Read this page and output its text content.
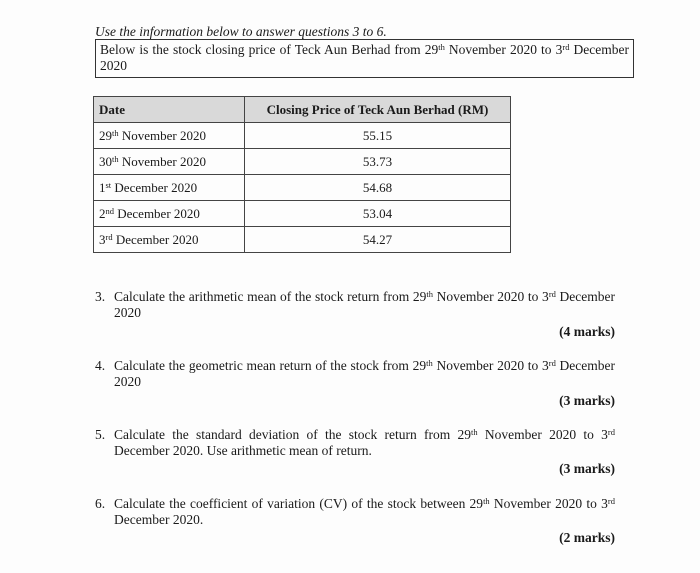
Use the information below to answer questions 3 to 6.
Below is the stock closing price of Teck Aun Berhad from 29th November 2020 to 3rd December 2020
Date	Closing Price of Teck Aun Berhad (RM)
29th November 2020	55.15
30th November 2020	53.73
1st December 2020	54.68
2nd December 2020	53.04
3rd December 2020	54.27
3. Calculate the arithmetic mean of the stock return from 29th November 2020 to 3rd December 2020
(4 marks)
4. Calculate the geometric mean return of the stock from 29th November 2020 to 3rd December 2020
(3 marks)
5. Calculate the standard deviation of the stock return from 29th November 2020 to 3rd December 2020. Use arithmetic mean of return.
(3 marks)
6. Calculate the coefficient of variation (CV) of the stock between 29th November 2020 to 3rd December 2020.
(2 marks)
